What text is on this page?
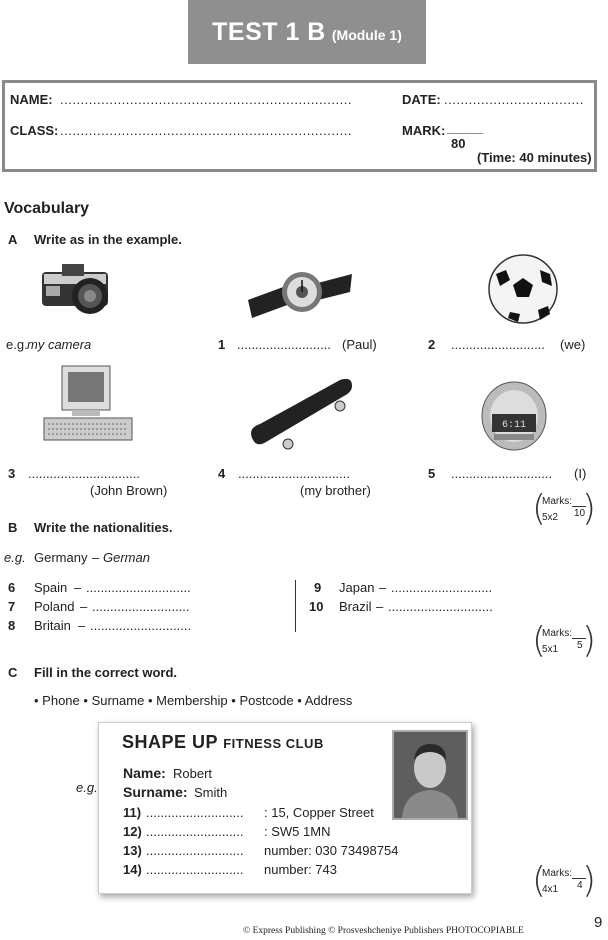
TEST 1 B (Module 1)
NAME: .......................................................................	DATE: ..................................
CLASS: .......................................................................	MARK: _____
80
(Time: 40 minutes)
Vocabulary
A Write as in the example.
e.g. my camera	1 .......................... (Paul)	2 .......................... (we)
6:11
3 ...............................
(John Brown)
4 ...............................
(my brother)
5 ............................ (I)
( )
Marks:
5x2 10
B Write the nationalities.
e.g. Germany – German
6 Spain – .............................
7 Poland – ...........................
8 Britain – ............................
9 Japan – ............................
10 Brazil – .............................
( )
Marks:
5x1 5
C Fill in the correct word.
• Phone • Surname • Membership • Postcode • Address
e.g.
SHAPE UP FITNESS CLUB
Name: Robert
Surname: Smith
11) ........................... : 15, Copper Street
12) ........................... : SW5 1MN
13) ........................... number: 030 73498754
14) ........................... number: 743	( )
Marks:
4x1 4
© Express Publishing © Prosveshcheniye Publishers PHOTOCOPIABLE	9
